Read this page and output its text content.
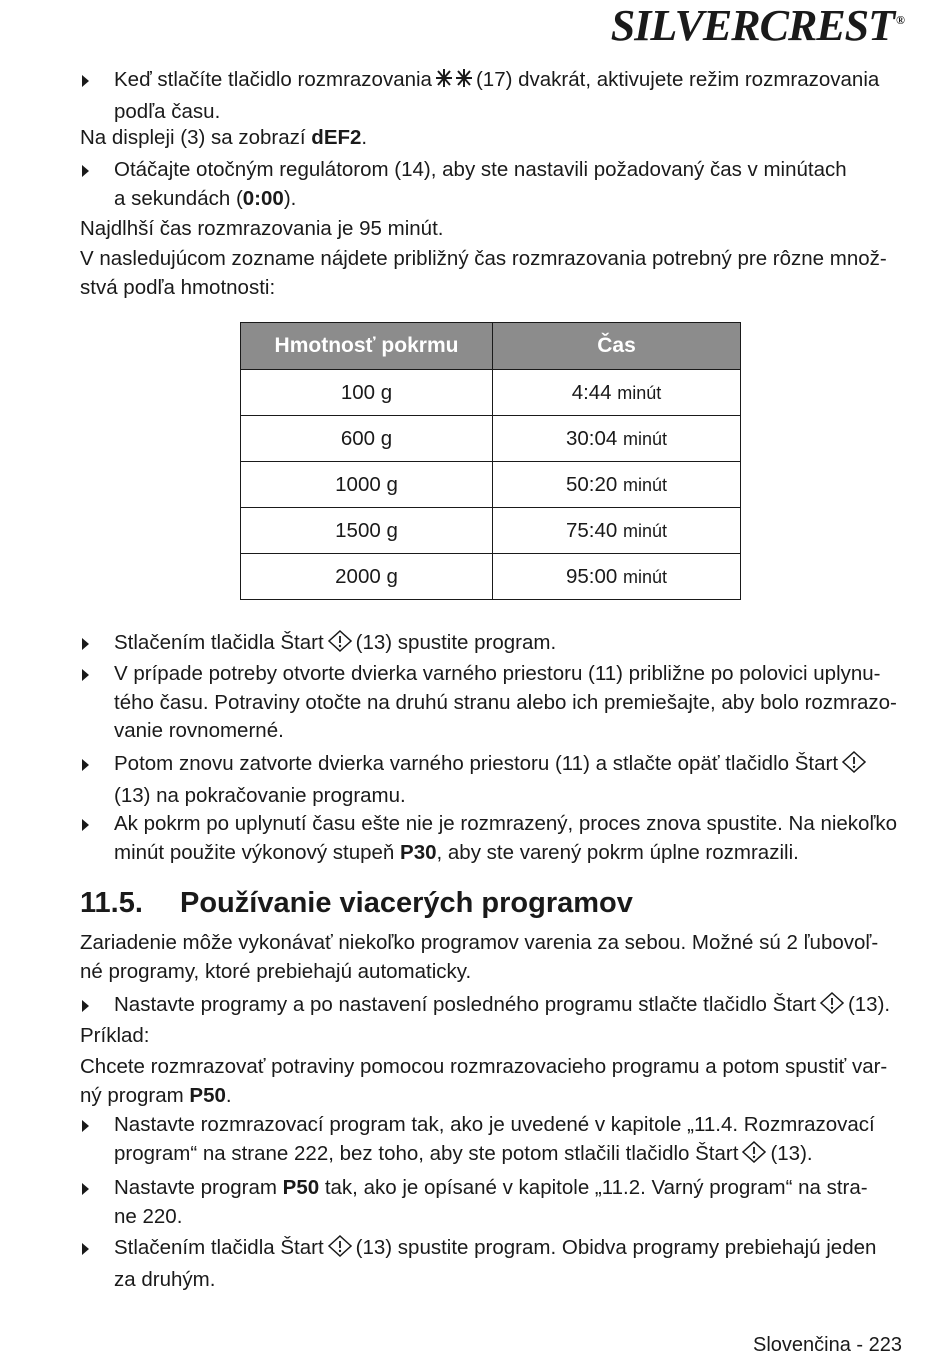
SILVERCREST ®
Keď stlačíte tlačidlo rozmrazovania (17) dvakrát, aktivujete režim rozmrazovania
podľa času.
Na displeji (3) sa zobrazí dEF2.
Otáčajte otočným regulátorom (14), aby ste nastavili požadovaný čas v minútach
a sekundách (0:00).
Najdlhší čas rozmrazovania je 95 minút.
V nasledujúcom zozname nájdete približný čas rozmrazovania potrebný pre rôzne množ-
stvá podľa hmotnosti:
Stlačením tlačidla Štart (13) spustite program.
V prípade potreby otvorte dvierka varného priestoru (11) približne po polovici uplynu-
tého času. Potraviny otočte na druhú stranu alebo ich premiešajte, aby bolo rozmrazo-
vanie rovnomerné.
Potom znovu zatvorte dvierka varného priestoru (11) a stlačte opäť tlačidlo Štart
(13) na pokračovanie programu.
Ak pokrm po uplynutí času ešte nie je rozmrazený, proces znova spustite. Na niekoľko
minút použite výkonový stupeň P30, aby ste varený pokrm úplne rozmrazili.
Zariadenie môže vykonávať niekoľko programov varenia za sebou. Možné sú 2 ľubovoľ-
né programy, ktoré prebiehajú automaticky.
Nastavte programy a po nastavení posledného programu stlačte tlačidlo Štart (13).
Príklad:
Chcete rozmrazovať potraviny pomocou rozmrazovacieho programu a potom spustiť var-
ný program P50.
Nastavte rozmrazovací program tak, ako je uvedené v kapitole „11.4. Rozmrazovací
program“ na strane 222, bez toho, aby ste potom stlačili tlačidlo Štart (13).
Nastavte program P50 tak, ako je opísané v kapitole „11.2. Varný program“ na stra-
ne 220.
Stlačením tlačidla Štart (13) spustite program. Obidva programy prebiehajú jeden
za druhým.
Hmotnosť pokrmu	Čas
100 g	4:44 minút
600 g	30:04 minút
1000 g	50:20 minút
1500 g	75:40 minút
2000 g	95:00 minút
11.5. Používanie viacerých programov
Slovenčina - 223
